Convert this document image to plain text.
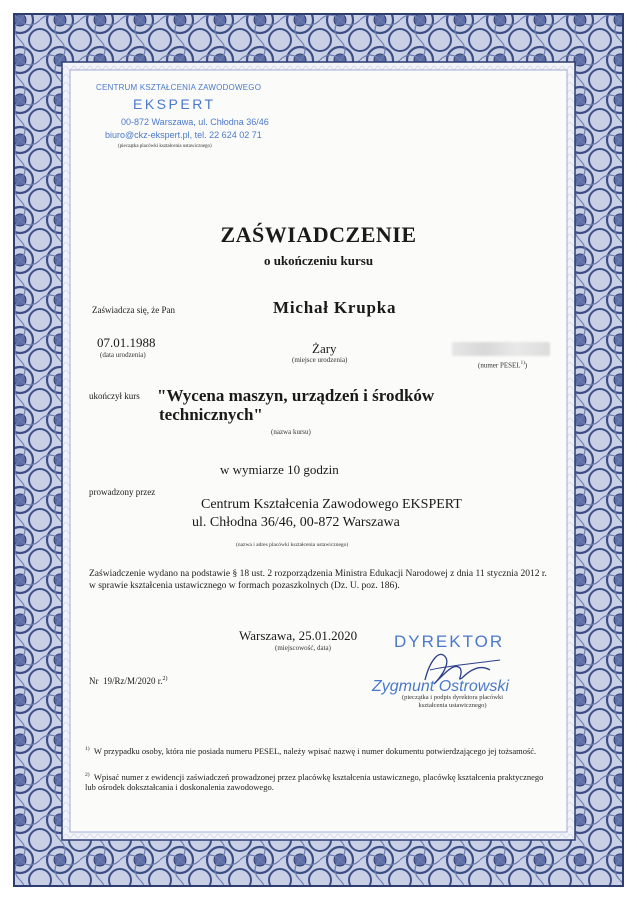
CENTRUM KSZTAŁCENIA ZAWODOWEGO
EKSPERT
00-872 Warszawa, ul. Chłodna 36/46
biuro@ckz-ekspert.pl, tel. 22 624 02 71
(pieczątka placówki kształcenia ustawicznego)
ZAŚWIADCZENIE
o ukończeniu kursu
Zaświadcza się, że Pan	Michał Krupka
07.01.1988
(data urodzenia)	Żary
(miejsce urodzenia)
(numer PESEL$^{1)}$)
ukończył kurs "Wycena maszyn, urządzeń i środków
technicznych"
(nazwa kursu)
w wymiarze 10 godzin
prowadzony przez
Centrum Kształcenia Zawodowego EKSPERT
ul. Chłodna 36/46, 00-872 Warszawa
(nazwa i adres placówki kształcenia ustawicznego)
Zaświadczenie wydano na podstawie § 18 ust. 2 rozporządzenia Ministra Edukacji Narodowej z dnia 11 stycznia 2012 r. w sprawie kształcenia ustawicznego w formach pozaszkolnych (Dz. U. poz. 186).
Warszawa, 25.01.2020
(miejscowość, data)
Nr 19/Rz/M/2020 r.$^{2)}$
DYREKTOR
Zygmunt Ostrowski
(pieczątka i podpis dyrektora placówki kształcenia ustawicznego)
$^{1)}$ W przypadku osoby, która nie posiada numeru PESEL, należy wpisać nazwę i numer dokumentu potwierdzającego jej tożsamość.
$^{2)}$ Wpisać numer z ewidencji zaświadczeń prowadzonej przez placówkę kształcenia ustawicznego, placówkę kształcenia praktycznego lub ośrodek dokształcania i doskonalenia zawodowego.
